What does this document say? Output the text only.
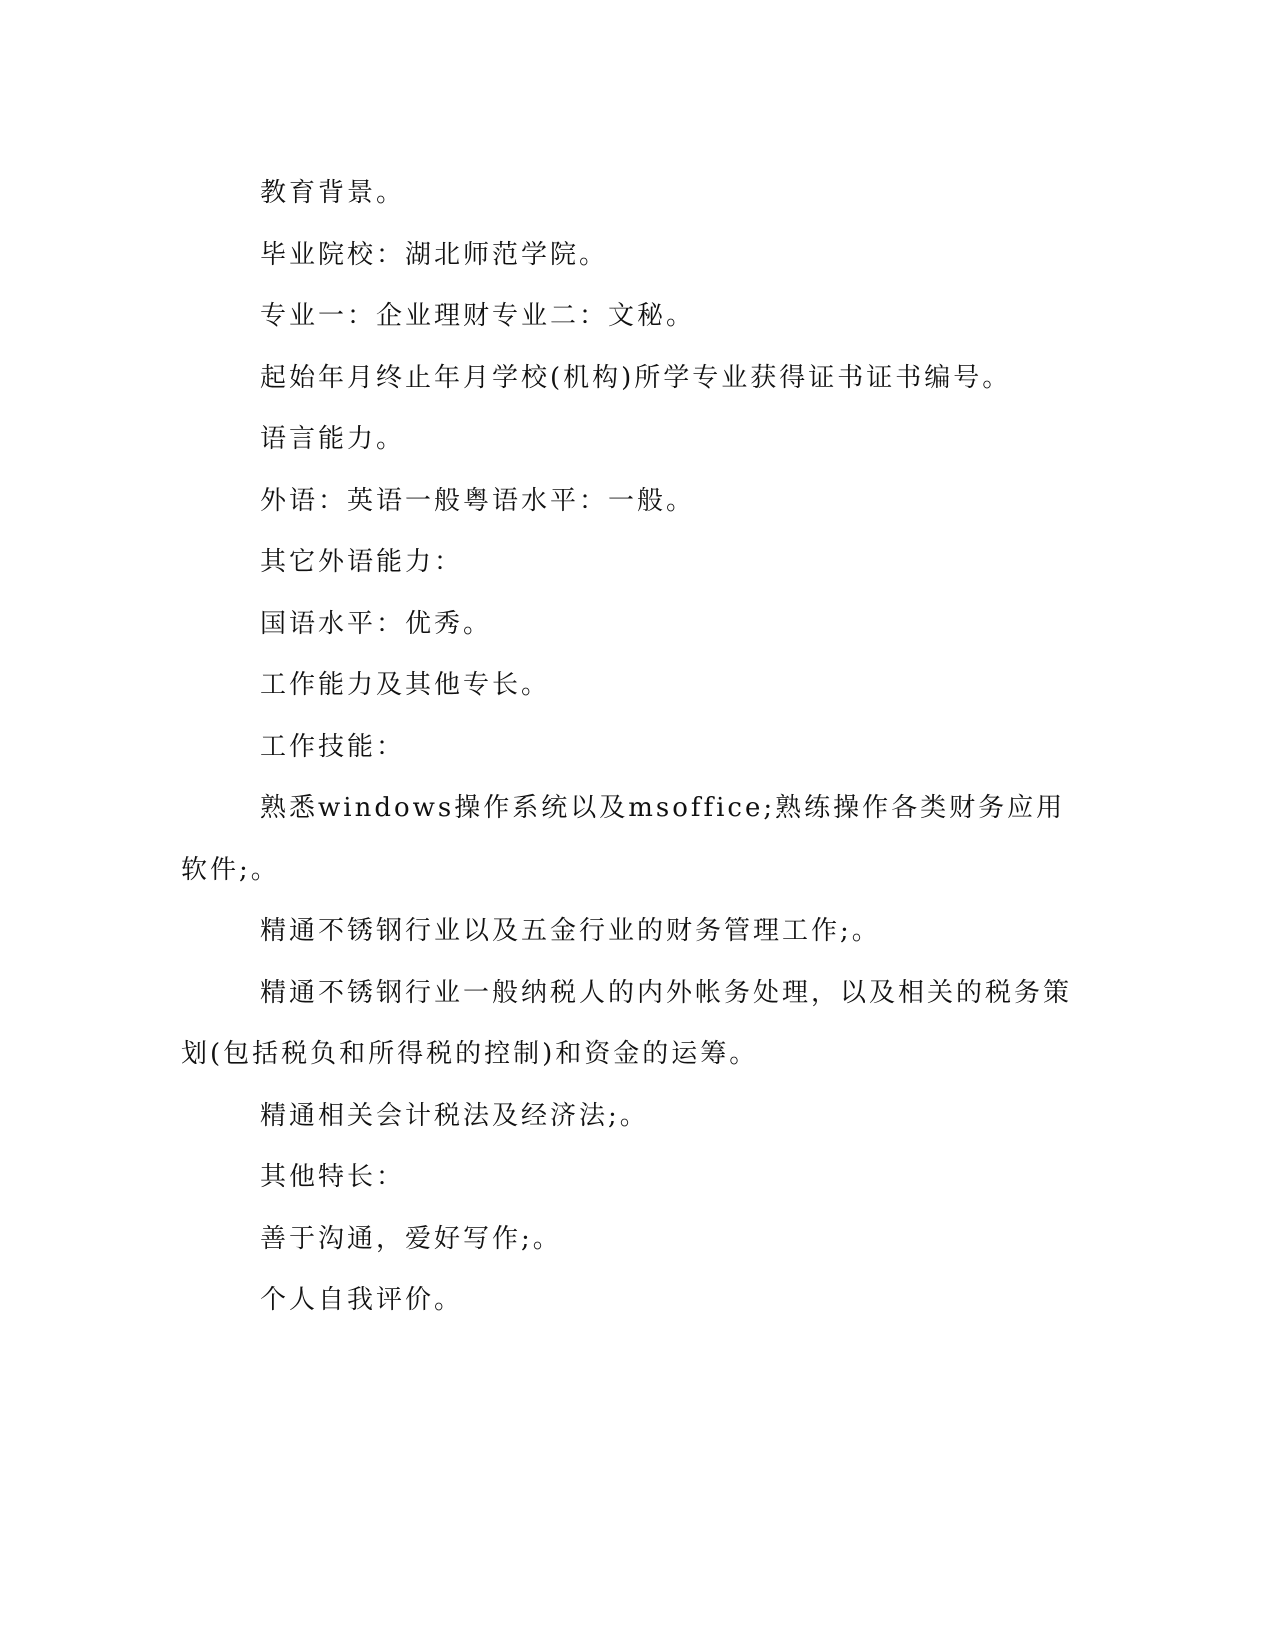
教育背景。

毕业院校：湖北师范学院。

专业一：企业理财专业二：文秘。

起始年月终止年月学校(机构)所学专业获得证书证书编号。

语言能力。

外语：英语一般粤语水平：一般。

其它外语能力：

国语水平：优秀。

工作能力及其他专长。

工作技能：

熟悉windows操作系统以及msoffice;熟练操作各类财务应用软件;。

精通不锈钢行业以及五金行业的财务管理工作;。

精通不锈钢行业一般纳税人的内外帐务处理，以及相关的税务策划(包括税负和所得税的控制)和资金的运筹。

精通相关会计税法及经济法;。

其他特长：

善于沟通，爱好写作;。

个人自我评价。
